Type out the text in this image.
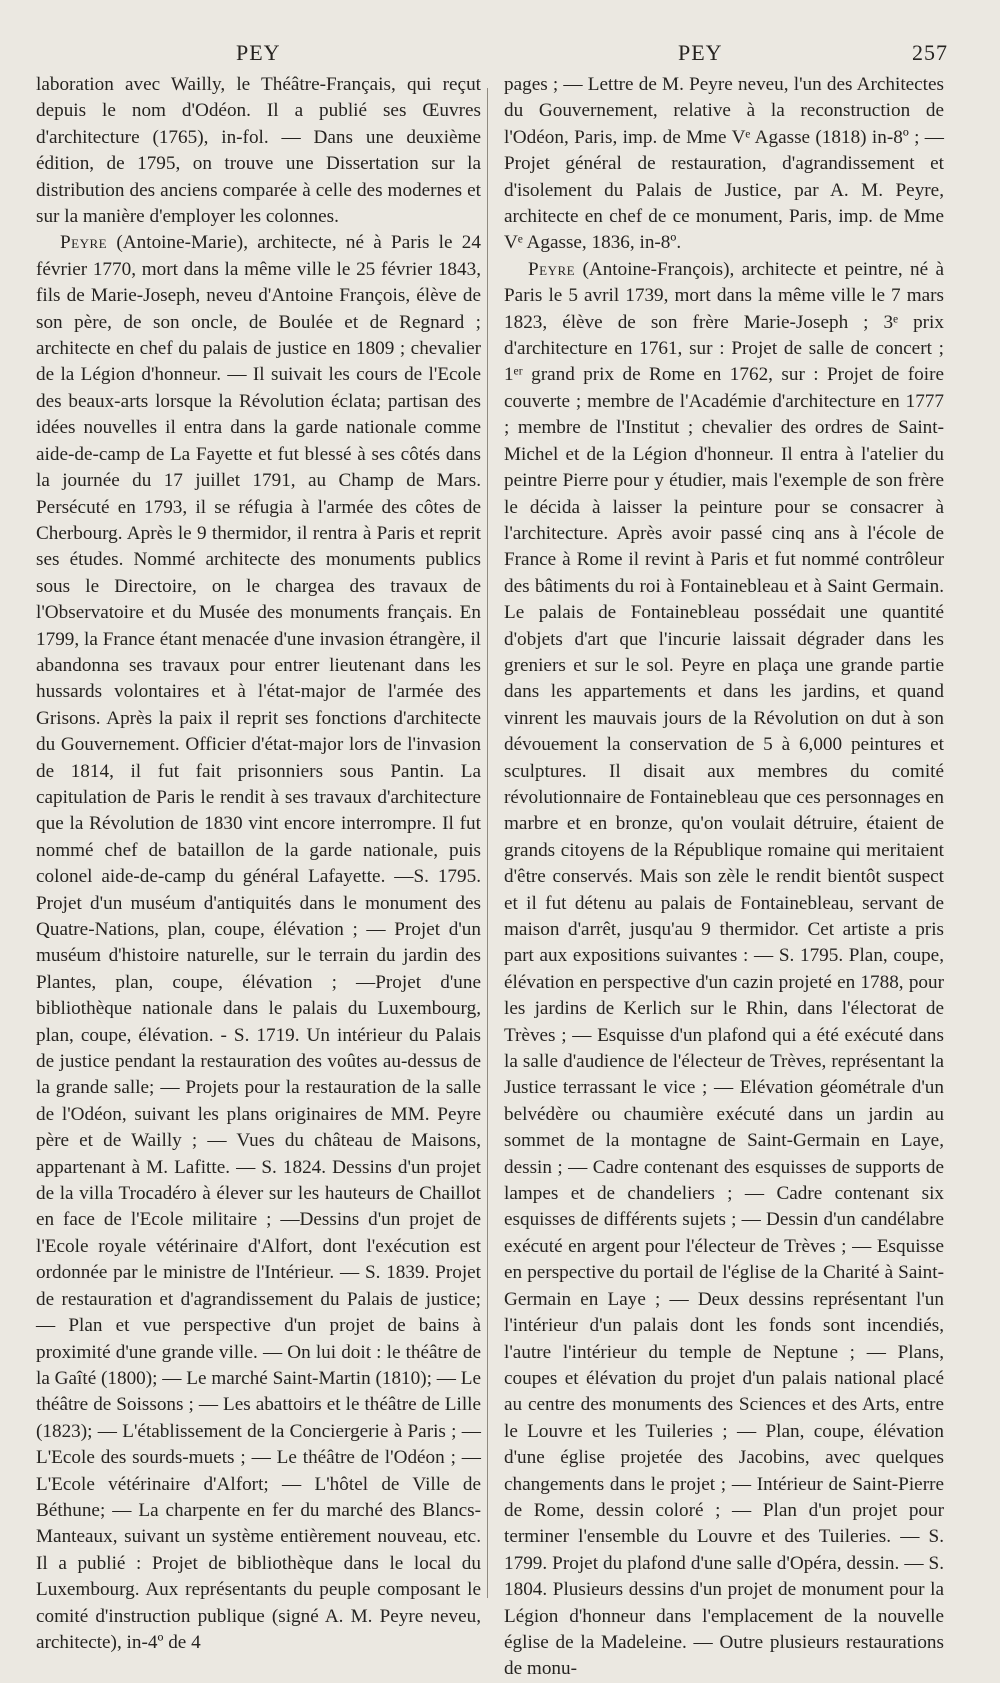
PEY	PEY	257

laboration avec Wailly, le Théâtre-Français, qui reçut depuis le nom d'Odéon. Il a publié ses Œuvres d'architecture (1765), in-fol. — Dans une deuxième édition, de 1795, on trouve une Dissertation sur la distribution des anciens comparée à celle des modernes et sur la manière d'employer les colonnes.

Peyre (Antoine-Marie), architecte, né à Paris le 24 février 1770, mort dans la même ville le 25 février 1843, fils de Marie-Joseph, neveu d'Antoine François, élève de son père, de son oncle, de Boulée et de Regnard ; architecte en chef du palais de justice en 1809 ; chevalier de la Légion d'honneur. — Il suivait les cours de l'Ecole des beaux-arts lorsque la Révolution éclata; partisan des idées nouvelles il entra dans la garde nationale comme aide-de-camp de La Fayette et fut blessé à ses côtés dans la journée du 17 juillet 1791, au Champ de Mars. Persécuté en 1793, il se réfugia à l'armée des côtes de Cherbourg. Après le 9 thermidor, il rentra à Paris et reprit ses études. Nommé architecte des monuments publics sous le Directoire, on le chargea des travaux de l'Observatoire et du Musée des monuments français. En 1799, la France étant menacée d'une invasion étrangère, il abandonna ses travaux pour entrer lieutenant dans les hussards volontaires et à l'état-major de l'armée des Grisons. Après la paix il reprit ses fonctions d'architecte du Gouvernement. Officier d'état-major lors de l'invasion de 1814, il fut fait prisonniers sous Pantin. La capitulation de Paris le rendit à ses travaux d'architecture que la Révolution de 1830 vint encore interrompre. Il fut nommé chef de bataillon de la garde nationale, puis colonel aide-de-camp du général Lafayette. —S. 1795. Projet d'un muséum d'antiquités dans le monument des Quatre-Nations, plan, coupe, élévation ; — Projet d'un muséum d'histoire naturelle, sur le terrain du jardin des Plantes, plan, coupe, élévation ; —Projet d'une bibliothèque nationale dans le palais du Luxembourg, plan, coupe, élévation. - S. 1719. Un intérieur du Palais de justice pendant la restauration des voûtes au-dessus de la grande salle; — Projets pour la restauration de la salle de l'Odéon, suivant les plans originaires de MM. Peyre père et de Wailly ; — Vues du château de Maisons, appartenant à M. Lafitte. — S. 1824. Dessins d'un projet de la villa Trocadéro à élever sur les hauteurs de Chaillot en face de l'Ecole militaire ; —Dessins d'un projet de l'Ecole royale vétérinaire d'Alfort, dont l'exécution est ordonnée par le ministre de l'Intérieur. — S. 1839. Projet de restauration et d'agrandissement du Palais de justice; — Plan et vue perspective d'un projet de bains à proximité d'une grande ville. — On lui doit : le théâtre de la Gaîté (1800); — Le marché Saint-Martin (1810); — Le théâtre de Soissons ; — Les abattoirs et le théâtre de Lille (1823); — L'établissement de la Conciergerie à Paris ; — L'Ecole des sourds-muets ; — Le théâtre de l'Odéon ; — L'Ecole vétérinaire d'Alfort; — L'hôtel de Ville de Béthune; — La charpente en fer du marché des Blancs-Manteaux, suivant un système entièrement nouveau, etc. Il a publié : Projet de bibliothèque dans le local du Luxembourg. Aux représentants du peuple composant le comité d'instruction publique (signé A. M. Peyre neveu, architecte), in-4º de 4

pages ; — Lettre de M. Peyre neveu, l'un des Architectes du Gouvernement, relative à la reconstruction de l'Odéon, Paris, imp. de Mme Vᵉ Agasse (1818) in-8º ; — Projet général de restauration, d'agrandissement et d'isolement du Palais de Justice, par A. M. Peyre, architecte en chef de ce monument, Paris, imp. de Mme Vᵉ Agasse, 1836, in-8º.

Peyre (Antoine-François), architecte et peintre, né à Paris le 5 avril 1739, mort dans la même ville le 7 mars 1823, élève de son frère Marie-Joseph ; 3ᵉ prix d'architecture en 1761, sur : Projet de salle de concert ; 1ᵉʳ grand prix de Rome en 1762, sur : Projet de foire couverte ; membre de l'Académie d'architecture en 1777 ; membre de l'Institut ; chevalier des ordres de Saint-Michel et de la Légion d'honneur. Il entra à l'atelier du peintre Pierre pour y étudier, mais l'exemple de son frère le décida à laisser la peinture pour se consacrer à l'architecture. Après avoir passé cinq ans à l'école de France à Rome il revint à Paris et fut nommé contrôleur des bâtiments du roi à Fontainebleau et à Saint Germain. Le palais de Fontainebleau possédait une quantité d'objets d'art que l'incurie laissait dégrader dans les greniers et sur le sol. Peyre en plaça une grande partie dans les appartements et dans les jardins, et quand vinrent les mauvais jours de la Révolution on dut à son dévouement la conservation de 5 à 6,000 peintures et sculptures. Il disait aux membres du comité révolutionnaire de Fontainebleau que ces personnages en marbre et en bronze, qu'on voulait détruire, étaient de grands citoyens de la République romaine qui meritaient d'être conservés. Mais son zèle le rendit bientôt suspect et il fut détenu au palais de Fontainebleau, servant de maison d'arrêt, jusqu'au 9 thermidor. Cet artiste a pris part aux expositions suivantes : — S. 1795. Plan, coupe, élévation en perspective d'un cazin projeté en 1788, pour les jardins de Kerlich sur le Rhin, dans l'électorat de Trèves ; — Esquisse d'un plafond qui a été exécuté dans la salle d'audience de l'électeur de Trèves, représentant la Justice terrassant le vice ; — Elévation géométrale d'un belvédère ou chaumière exécuté dans un jardin au sommet de la montagne de Saint-Germain en Laye, dessin ; — Cadre contenant des esquisses de supports de lampes et de chandeliers ; — Cadre contenant six esquisses de différents sujets ; — Dessin d'un candélabre exécuté en argent pour l'électeur de Trèves ; — Esquisse en perspective du portail de l'église de la Charité à Saint-Germain en Laye ; — Deux dessins représentant l'un l'intérieur d'un palais dont les fonds sont incendiés, l'autre l'intérieur du temple de Neptune ; — Plans, coupes et élévation du projet d'un palais national placé au centre des monuments des Sciences et des Arts, entre le Louvre et les Tuileries ; — Plan, coupe, élévation d'une église projetée des Jacobins, avec quelques changements dans le projet ; — Intérieur de Saint-Pierre de Rome, dessin coloré ; — Plan d'un projet pour terminer l'ensemble du Louvre et des Tuileries. — S. 1799. Projet du plafond d'une salle d'Opéra, dessin. — S. 1804. Plusieurs dessins d'un projet de monument pour la Légion d'honneur dans l'emplacement de la nouvelle église de la Madeleine. — Outre plusieurs restaurations de monu-
